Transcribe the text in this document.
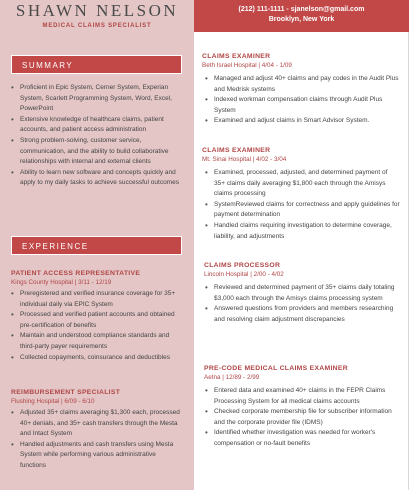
SHAWN NELSON
MEDICAL CLAIMS SPECIALIST
SUMMARY
• Proficient in Epic System, Cerner System, Experian System, Scarlett Programming System, Word, Excel, PowerPoint
• Extensive knowledge of healthcare claims, patient accounts, and patient access administration
• Strong problem-solving, customer service, communication, and the ability to build collaborative relationships with internal and external clients
• Ability to learn new software and concepts quickly and apply to my daily tasks to achieve successful outcomes
EXPERIENCE
PATIENT ACCESS REPRESENTATIVE
Kings County Hospital | 3/11 - 12/19
• Preregistered and verified insurance coverage for 35+ individual daily via EPIC System
• Processed and verified patient accounts and obtained pre-certification of benefits
• Maintain and understood compliance standards and third-party payer requirements
• Collected copayments, coinsurance and deductibles
REIMBURSEMENT SPECIALIST
Flushing Hospital | 6/09 - 6/10
• Adjusted 35+ claims averaging $1,300 each, processed 40+ denials, and 35+ cash transfers through the Mesta and Intact System
• Handled adjustments and cash transfers using Mesta System while performing various administrative functions
(212) 111-1111 - sjanelson@gmail.com
Brooklyn, New York
CLAIMS EXAMINER
Beth Israel Hospital | 4/04 - 1/09
• Managed and adjust 40+ claims and pay codes in the Audit Plus and Medrisk systems
• Indexed workman compensation claims through Audit Plus System
• Examined and adjust claims in Smart Advisor System.
CLAIMS EXAMINER
Mt. Sinai Hospital | 4/02 - 3/04
• Examined, processed, adjusted, and determined payment of 35+ claims daily averaging $1,800 each through the Amisys claims processing
• SystemReviewed claims for correctness and apply guidelines for payment determination
• Handled claims requiring investigation to determine coverage, liability, and adjustments
CLAIMS PROCESSOR
Lincoln Hospital | 2/00 - 4/02
• Reviewed and determined payment of 35+ claims daily totaling $3,000 each through the Amisys claims processing system
• Answered questions from providers and members researching and resolving claim adjustment discrepancies
PRE-CODE MEDICAL CLAIMS EXAMINER
Aetna | 12/89 - 2/99
• Entered data and examined 40+ claims in the FEPR Claims Processing System for all medical claims accounts
• Checked corporate membership file for subscriber information and the corporate provider file (IDMS)
• Identified whether investigation was needed for worker's compensation or no-fault benefits
